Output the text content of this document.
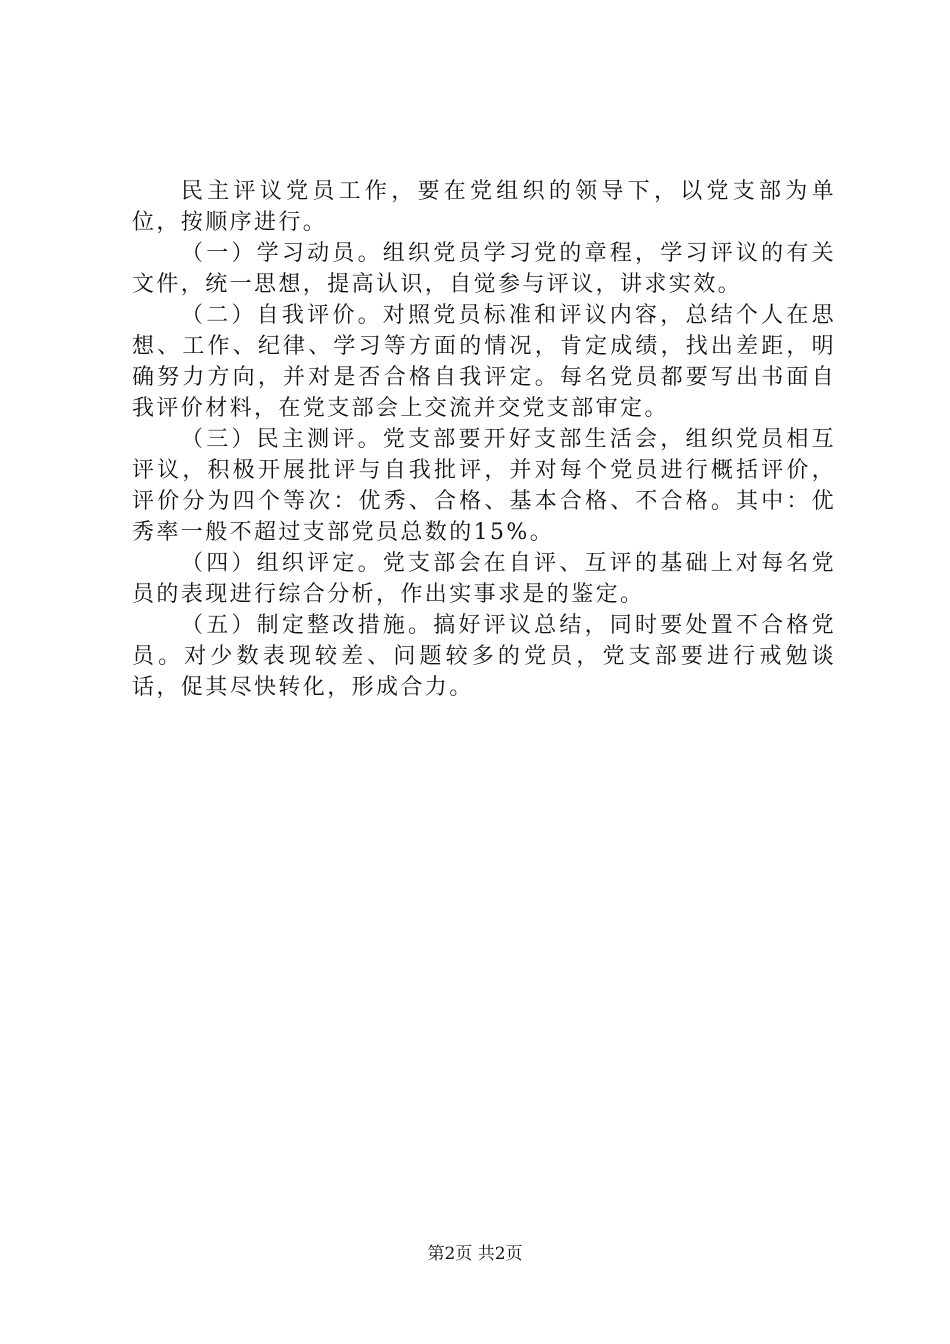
民主评议党员工作，要在党组织的领导下，以党支部为单位，按顺序进行。

（一）学习动员。组织党员学习党的章程，学习评议的有关文件，统一思想，提高认识，自觉参与评议，讲求实效。

（二）自我评价。对照党员标准和评议内容，总结个人在思想、工作、纪律、学习等方面的情况，肯定成绩，找出差距，明确努力方向，并对是否合格自我评定。每名党员都要写出书面自我评价材料，在党支部会上交流并交党支部审定。

（三）民主测评。党支部要开好支部生活会，组织党员相互评议，积极开展批评与自我批评，并对每个党员进行概括评价，评价分为四个等次：优秀、合格、基本合格、不合格。其中：优秀率一般不超过支部党员总数的15%。

（四）组织评定。党支部会在自评、互评的基础上对每名党员的表现进行综合分析，作出实事求是的鉴定。

（五）制定整改措施。搞好评议总结，同时要处置不合格党员。对少数表现较差、问题较多的党员，党支部要进行戒勉谈话，促其尽快转化，形成合力。

第2页 共2页
